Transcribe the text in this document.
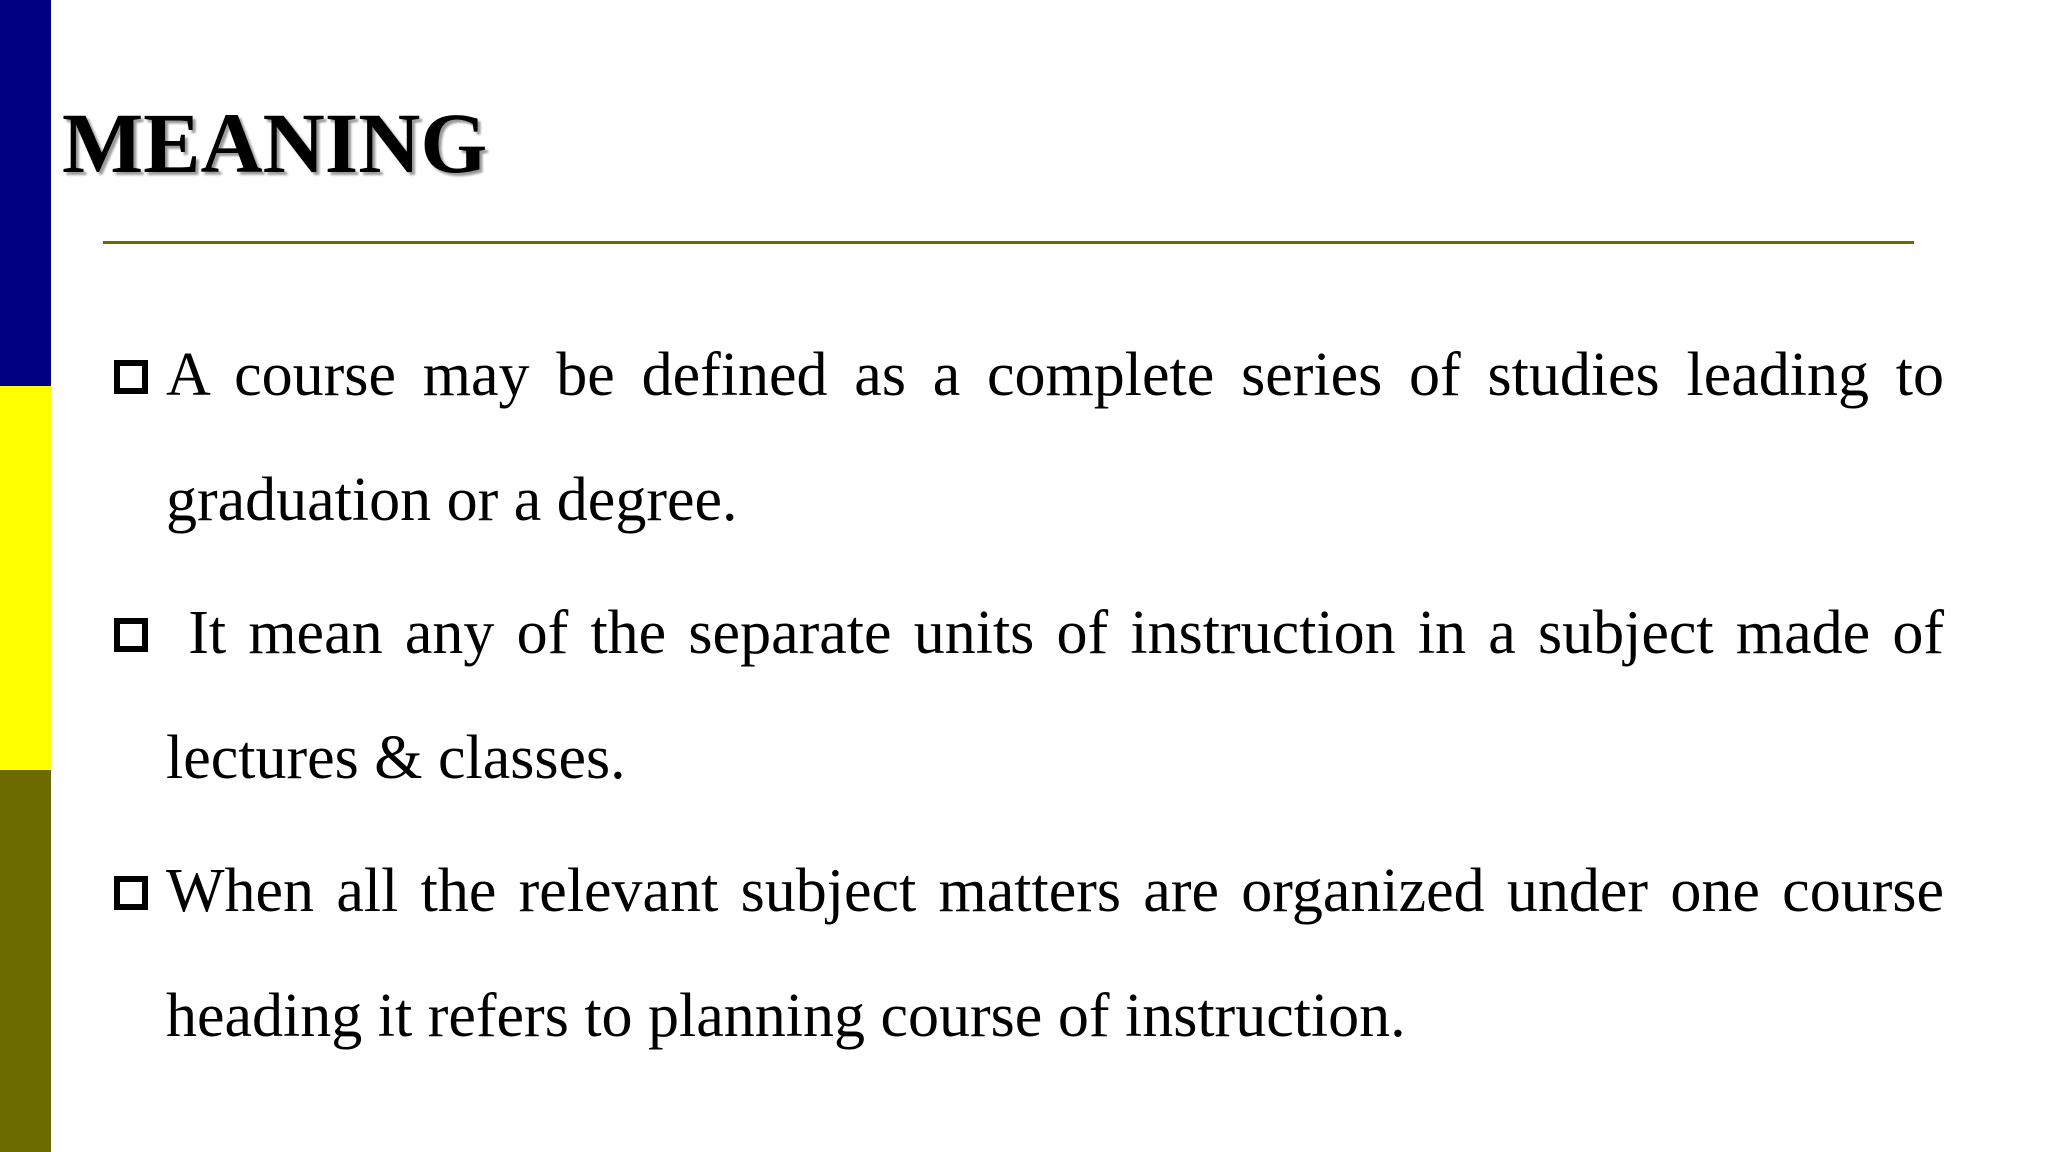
MEANING

A course may be defined as a complete series of studies leading to graduation or a degree.

It mean any of the separate units of instruction in a subject made of lectures & classes.

When all the relevant subject matters are organized under one course heading it refers to planning course of instruction.
